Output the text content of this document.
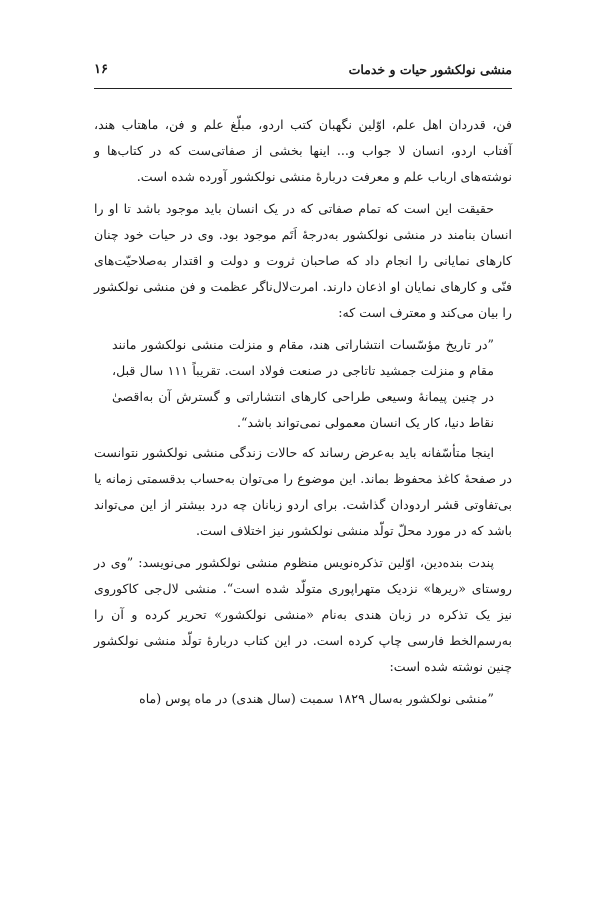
منشی نولکشور حیات و خدمات
۱۶

فن، قدردان اهل علم، اوّلین نگهبان کتب اردو، مبلّغ علم و فن، ماهتاب هند، آفتاب اردو، انسان لا جواب و... اینها بخشی از صفاتی‌ست که در کتاب‌ها و نوشته‌های ارباب علم و معرفت دربارهٔ منشی نولکشور آورده شده است.

حقیقت این است که تمام صفاتی که در یک انسان باید موجود باشد تا او را انسان بنامند در منشی نولکشور به‌درجهٔ اَتَم موجود بود. وی در حیات خود چنان کارهای نمایانی را انجام داد که صاحبان ثروت و دولت و اقتدار به‌صلاحیّت‌های فنّی و کارهای نمایان او اذعان دارند. امرت‌لال‌ناگر عظمت و فن منشی نولکشور را بیان می‌کند و معترف است که:

”در تاریخ مؤسّسات انتشاراتی هند، مقام و منزلت منشی نولکشور مانند مقام و منزلت جمشید تاتاجی در صنعت فولاد است. تقریباً ۱۱۱ سال قبل، در چنین پیمانهٔ وسیعی طراحی کارهای انتشاراتی و گسترش آن به‌اقصیٰ نقاط دنیا، کار یک انسان معمولی نمی‌تواند باشد“.

اینجا متأسّفانه باید به‌عرض رساند که حالات زندگی منشی نولکشور نتوانست در صفحهٔ کاغذ محفوظ بماند. این موضوع را می‌توان به‌حساب بدقسمتی زمانه یا بی‌تفاوتی قشر اردودان گذاشت. برای اردو زبانان چه درد بیشتر از این می‌تواند باشد که در مورد محلّ تولّد منشی نولکشور نیز اختلاف است.

پندت بنده‌دین، اوّلین تذکره‌نویس منظوم منشی نولکشور می‌نویسد: ”وی در روستای «ریرها» نزدیک متهراپوری متولّد شده است“. منشی لال‌جی کاکوروی نیز یک تذکره در زبان هندی به‌نام «منشی نولکشور» تحریر کرده و آن را به‌رسم‌الخط فارسی چاپ کرده است. در این کتاب دربارهٔ تولّد منشی نولکشور چنین نوشته شده است:

”منشی نولکشور به‌سال ۱۸۲۹ سمبت (سال هندی) در ماه پوس (ماه
